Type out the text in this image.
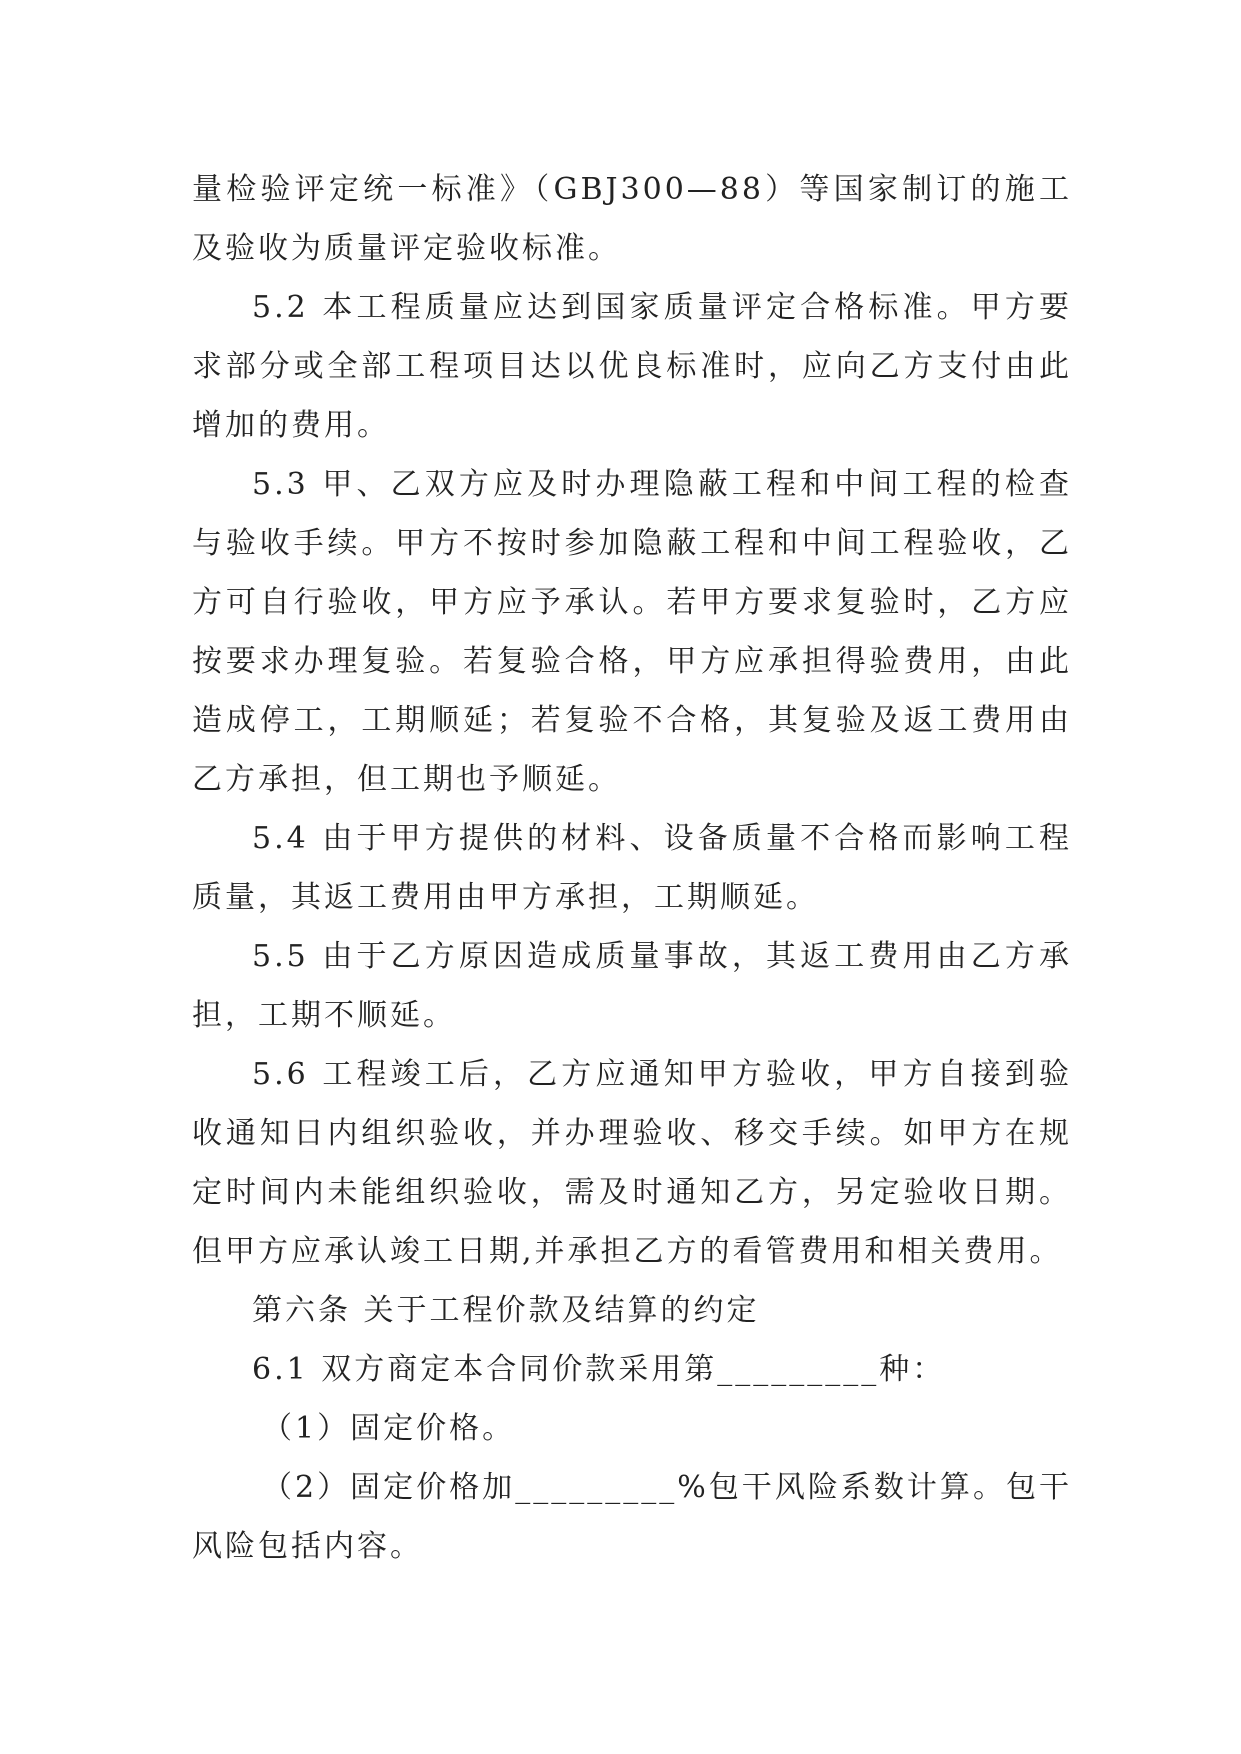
量检验评定统一标准》（GBJ300—88）等国家制订的施工及验收为质量评定验收标准。

5.2 本工程质量应达到国家质量评定合格标准。甲方要求部分或全部工程项目达以优良标准时，应向乙方支付由此增加的费用。

5.3 甲、乙双方应及时办理隐蔽工程和中间工程的检查与验收手续。甲方不按时参加隐蔽工程和中间工程验收，乙方可自行验收，甲方应予承认。若甲方要求复验时，乙方应按要求办理复验。若复验合格，甲方应承担得验费用，由此造成停工，工期顺延；若复验不合格，其复验及返工费用由乙方承担，但工期也予顺延。

5.4 由于甲方提供的材料、设备质量不合格而影响工程质量，其返工费用由甲方承担，工期顺延。

5.5 由于乙方原因造成质量事故，其返工费用由乙方承担，工期不顺延。

5.6 工程竣工后，乙方应通知甲方验收，甲方自接到验收通知日内组织验收，并办理验收、移交手续。如甲方在规定时间内未能组织验收，需及时通知乙方，另定验收日期。但甲方应承认竣工日期,并承担乙方的看管费用和相关费用。

第六条 关于工程价款及结算的约定

6.1 双方商定本合同价款采用第_________种：

（1）固定价格。

（2）固定价格加_________%包干风险系数计算。包干风险包括内容。
